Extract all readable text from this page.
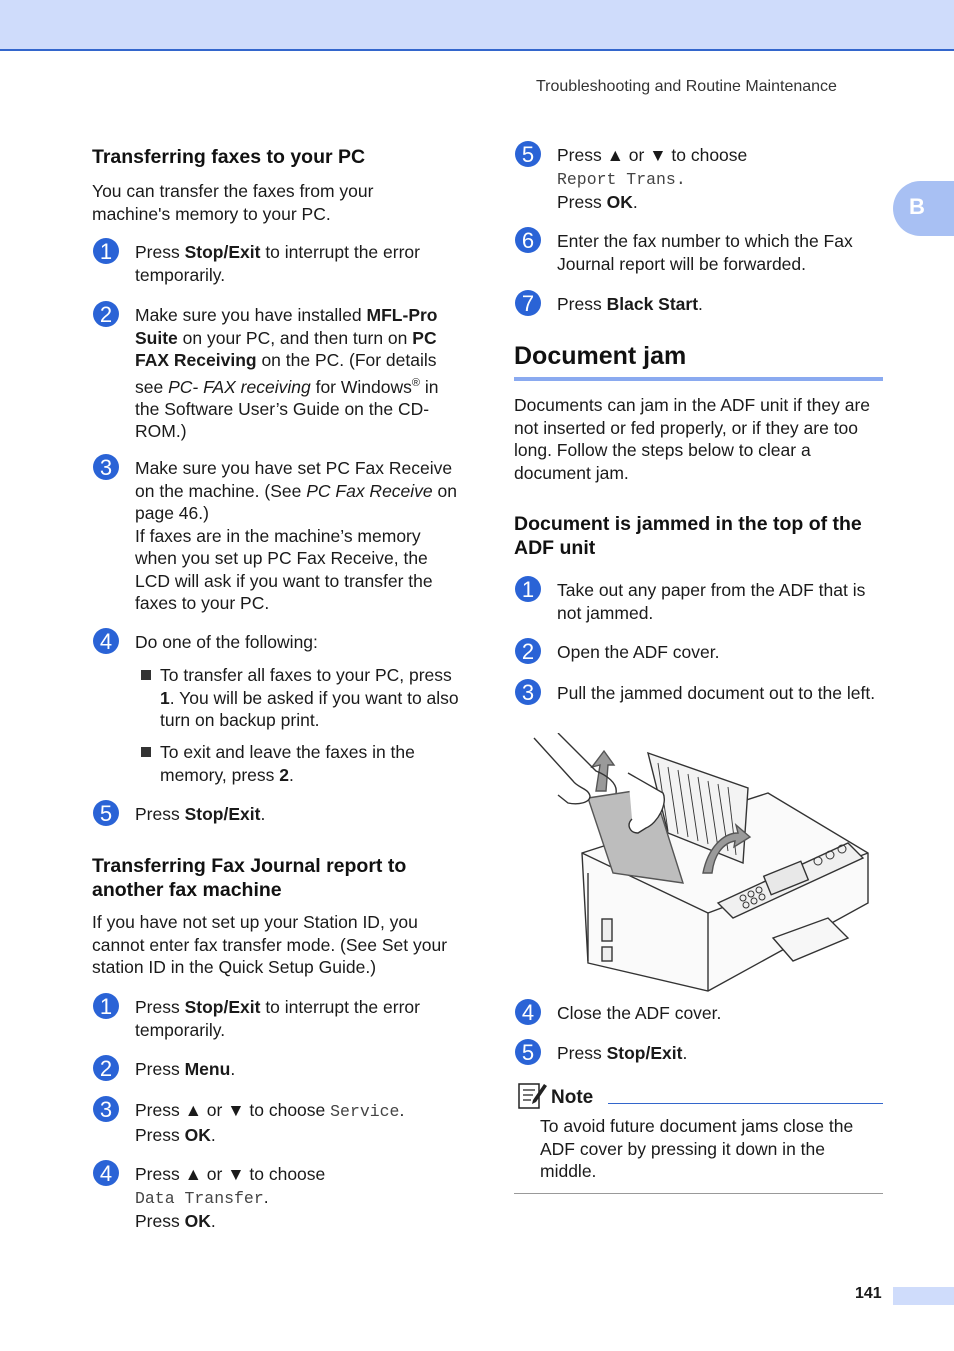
Troubleshooting and Routine Maintenance
B
Transferring faxes to your PC
You can transfer the faxes from your machine's memory to your PC.
1	Press Stop/Exit to interrupt the error temporarily.
2	Make sure you have installed MFL-Pro Suite on your PC, and then turn on PC FAX Receiving on the PC. (For details see PC- FAX receiving for Windows® in the Software User’s Guide on the CD-ROM.)
3	Make sure you have set PC Fax Receive on the machine. (See PC Fax Receive on page 46.)
If faxes are in the machine’s memory when you set up PC Fax Receive, the LCD will ask if you want to transfer the faxes to your PC.
4	Do one of the following:
To transfer all faxes to your PC, press 1. You will be asked if you want to also turn on backup print.
To exit and leave the faxes in the memory, press 2.
5	Press Stop/Exit.
Transferring Fax Journal report to another fax machine
If you have not set up your Station ID, you cannot enter fax transfer mode. (See Set your station ID in the Quick Setup Guide.)
1	Press Stop/Exit to interrupt the error temporarily.
2	Press Menu.
3	Press ▲ or ▼ to choose Service.
Press OK.
4	Press ▲ or ▼ to choose
Data Transfer.
Press OK.
5	Press ▲ or ▼ to choose
Report Trans.
Press OK.
6	Enter the fax number to which the Fax Journal report will be forwarded.
7	Press Black Start.
Document jam
Documents can jam in the ADF unit if they are not inserted or fed properly, or if they are too long. Follow the steps below to clear a document jam.
Document is jammed in the top of the ADF unit
1	Take out any paper from the ADF that is not jammed.
2	Open the ADF cover.
3	Pull the jammed document out to the left.
4	Close the ADF cover.
5	Press Stop/Exit.
Note
To avoid future document jams close the ADF cover by pressing it down in the middle.
141
